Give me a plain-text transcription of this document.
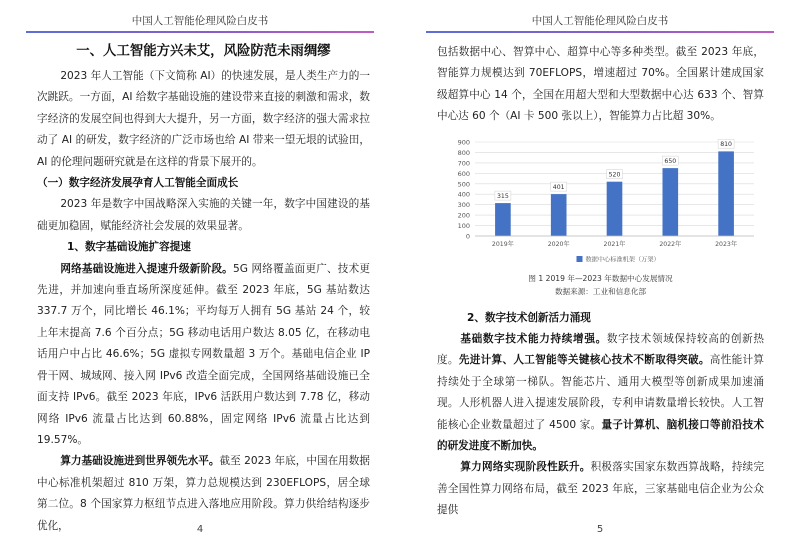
中国人工智能伦理风险白皮书
一、人工智能方兴未艾，风险防范未雨绸缪

2023 年人工智能（下文简称 AI）的快速发展，是人类生产力的一次跳跃。一方面，AI 给数字基础设施的建设带来直接的刺激和需求，数字经济的发展空间也得到大大提升，另一方面，数字经济的强大需求拉动了 AI 的研发，数字经济的广泛市场也给 AI 带来一望无垠的试验田，AI 的伦理问题研究就是在这样的背景下展开的。

（一）数字经济发展孕育人工智能全面成长

2023 年是数字中国战略深入实施的关键一年，数字中国建设的基础更加稳固，赋能经济社会发展的效果显著。

1、数字基础设施扩容提速

网络基础设施进入提速升级新阶段。5G 网络覆盖面更广、技术更先进，并加速向垂直场所深度延伸。截至 2023 年底，5G 基站数达 337.7 万个，同比增长 46.1%；平均每万人拥有 5G 基站 24 个，较上年末提高 7.6 个百分点；5G 移动电话用户数达 8.05 亿，在移动电话用户中占比 46.6%；5G 虚拟专网数量超 3 万个。基础电信企业 IP 骨干网、城域网、接入网 IPv6 改造全面完成，全国网络基础设施已全面支持 IPv6。截至 2023 年底，IPv6 活跃用户数达到 7.78 亿，移动网络 IPv6 流量占比达到 60.88%，固定网络 IPv6 流量占比达到 19.57%。

算力基础设施进到世界领先水平。截至 2023 年底，中国在用数据中心标准机架超过 810 万架，算力总规模达到 230EFLOPS，居全球第二位。8 个国家算力枢纽节点进入落地应用阶段。算力供给结构逐步优化，	4
中国人工智能伦理风险白皮书

包括数据中心、智算中心、超算中心等多种类型。截至 2023 年底，智能算力规模达到 70EFLOPS，增速超过 70%。全国累计建成国家级超算中心 14 个，全国在用超大型和大型数据中心达 633 个、智算中心达 60 个（AI 卡 500 张以上），智能算力占比超 30%。

0
100
200
300
400
500
600
700
800
900
315
2019年
401
2020年
520
2021年
650
2022年
810
2023年
数据中心标准机架（万架）
图 1 2019 年—2023 年数据中心发展情况
数据来源：工业和信息化部
2、数字技术创新活力涌现

基础数字技术能力持续增强。数字技术领域保持较高的创新热度。先进计算、人工智能等关键核心技术不断取得突破。高性能计算持续处于全球第一梯队。智能芯片、通用大模型等创新成果加速涌现。人形机器人进入提速发展阶段，专利申请数量增长较快。人工智能核心企业数量超过了 4500 家。量子计算机、脑机接口等前沿技术的研发进度不断加快。

算力网络实现阶段性跃升。积极落实国家东数西算战略，持续完善全国性算力网络布局，截至 2023 年底，三家基础电信企业为公众提供

5
